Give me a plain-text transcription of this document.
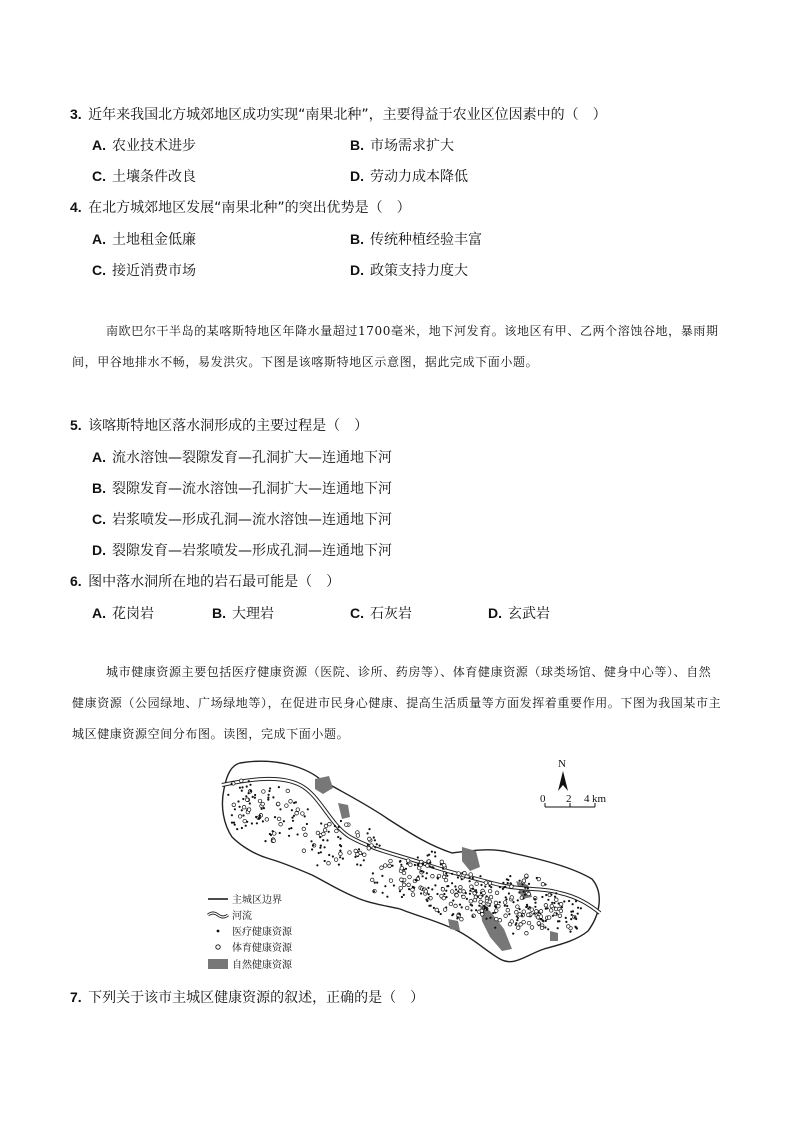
3. 近年来我国北方城郊地区成功实现“南果北种”，主要得益于农业区位因素中的（　）
A. 农业技术进步	B. 市场需求扩大
C. 土壤条件改良	D. 劳动力成本降低
4. 在北方城郊地区发展“南果北种”的突出优势是（　）
A. 土地租金低廉	B. 传统种植经验丰富
C. 接近消费市场	D. 政策支持力度大
南欧巴尔干半岛的某喀斯特地区年降水量超过1700毫米，地下河发育。该地区有甲、乙两个溶蚀谷地，暴雨期间，甲谷地排水不畅，易发洪灾。下图是该喀斯特地区示意图，据此完成下面小题。
5. 该喀斯特地区落水洞形成的主要过程是（　）
A. 流水溶蚀—裂隙发育—孔洞扩大—连通地下河
B. 裂隙发育—流水溶蚀—孔洞扩大—连通地下河
C. 岩浆喷发—形成孔洞—流水溶蚀—连通地下河
D. 裂隙发育—岩浆喷发—形成孔洞—连通地下河
6. 图中落水洞所在地的岩石最可能是（　）
A. 花岗岩	B. 大理岩	C. 石灰岩	D. 玄武岩
城市健康资源主要包括医疗健康资源（医院、诊所、药房等）、体育健康资源（球类场馆、健身中心等）、自然健康资源（公园绿地、广场绿地等），在促进市民身心健康、提高生活质量等方面发挥着重要作用。下图为我国某市主城区健康资源空间分布图。读图，完成下面小题。
N
0 2 4 km
主城区边界
河流
医疗健康资源
体育健康资源
自然健康资源
7. 下列关于该市主城区健康资源的叙述，正确的是（　）
